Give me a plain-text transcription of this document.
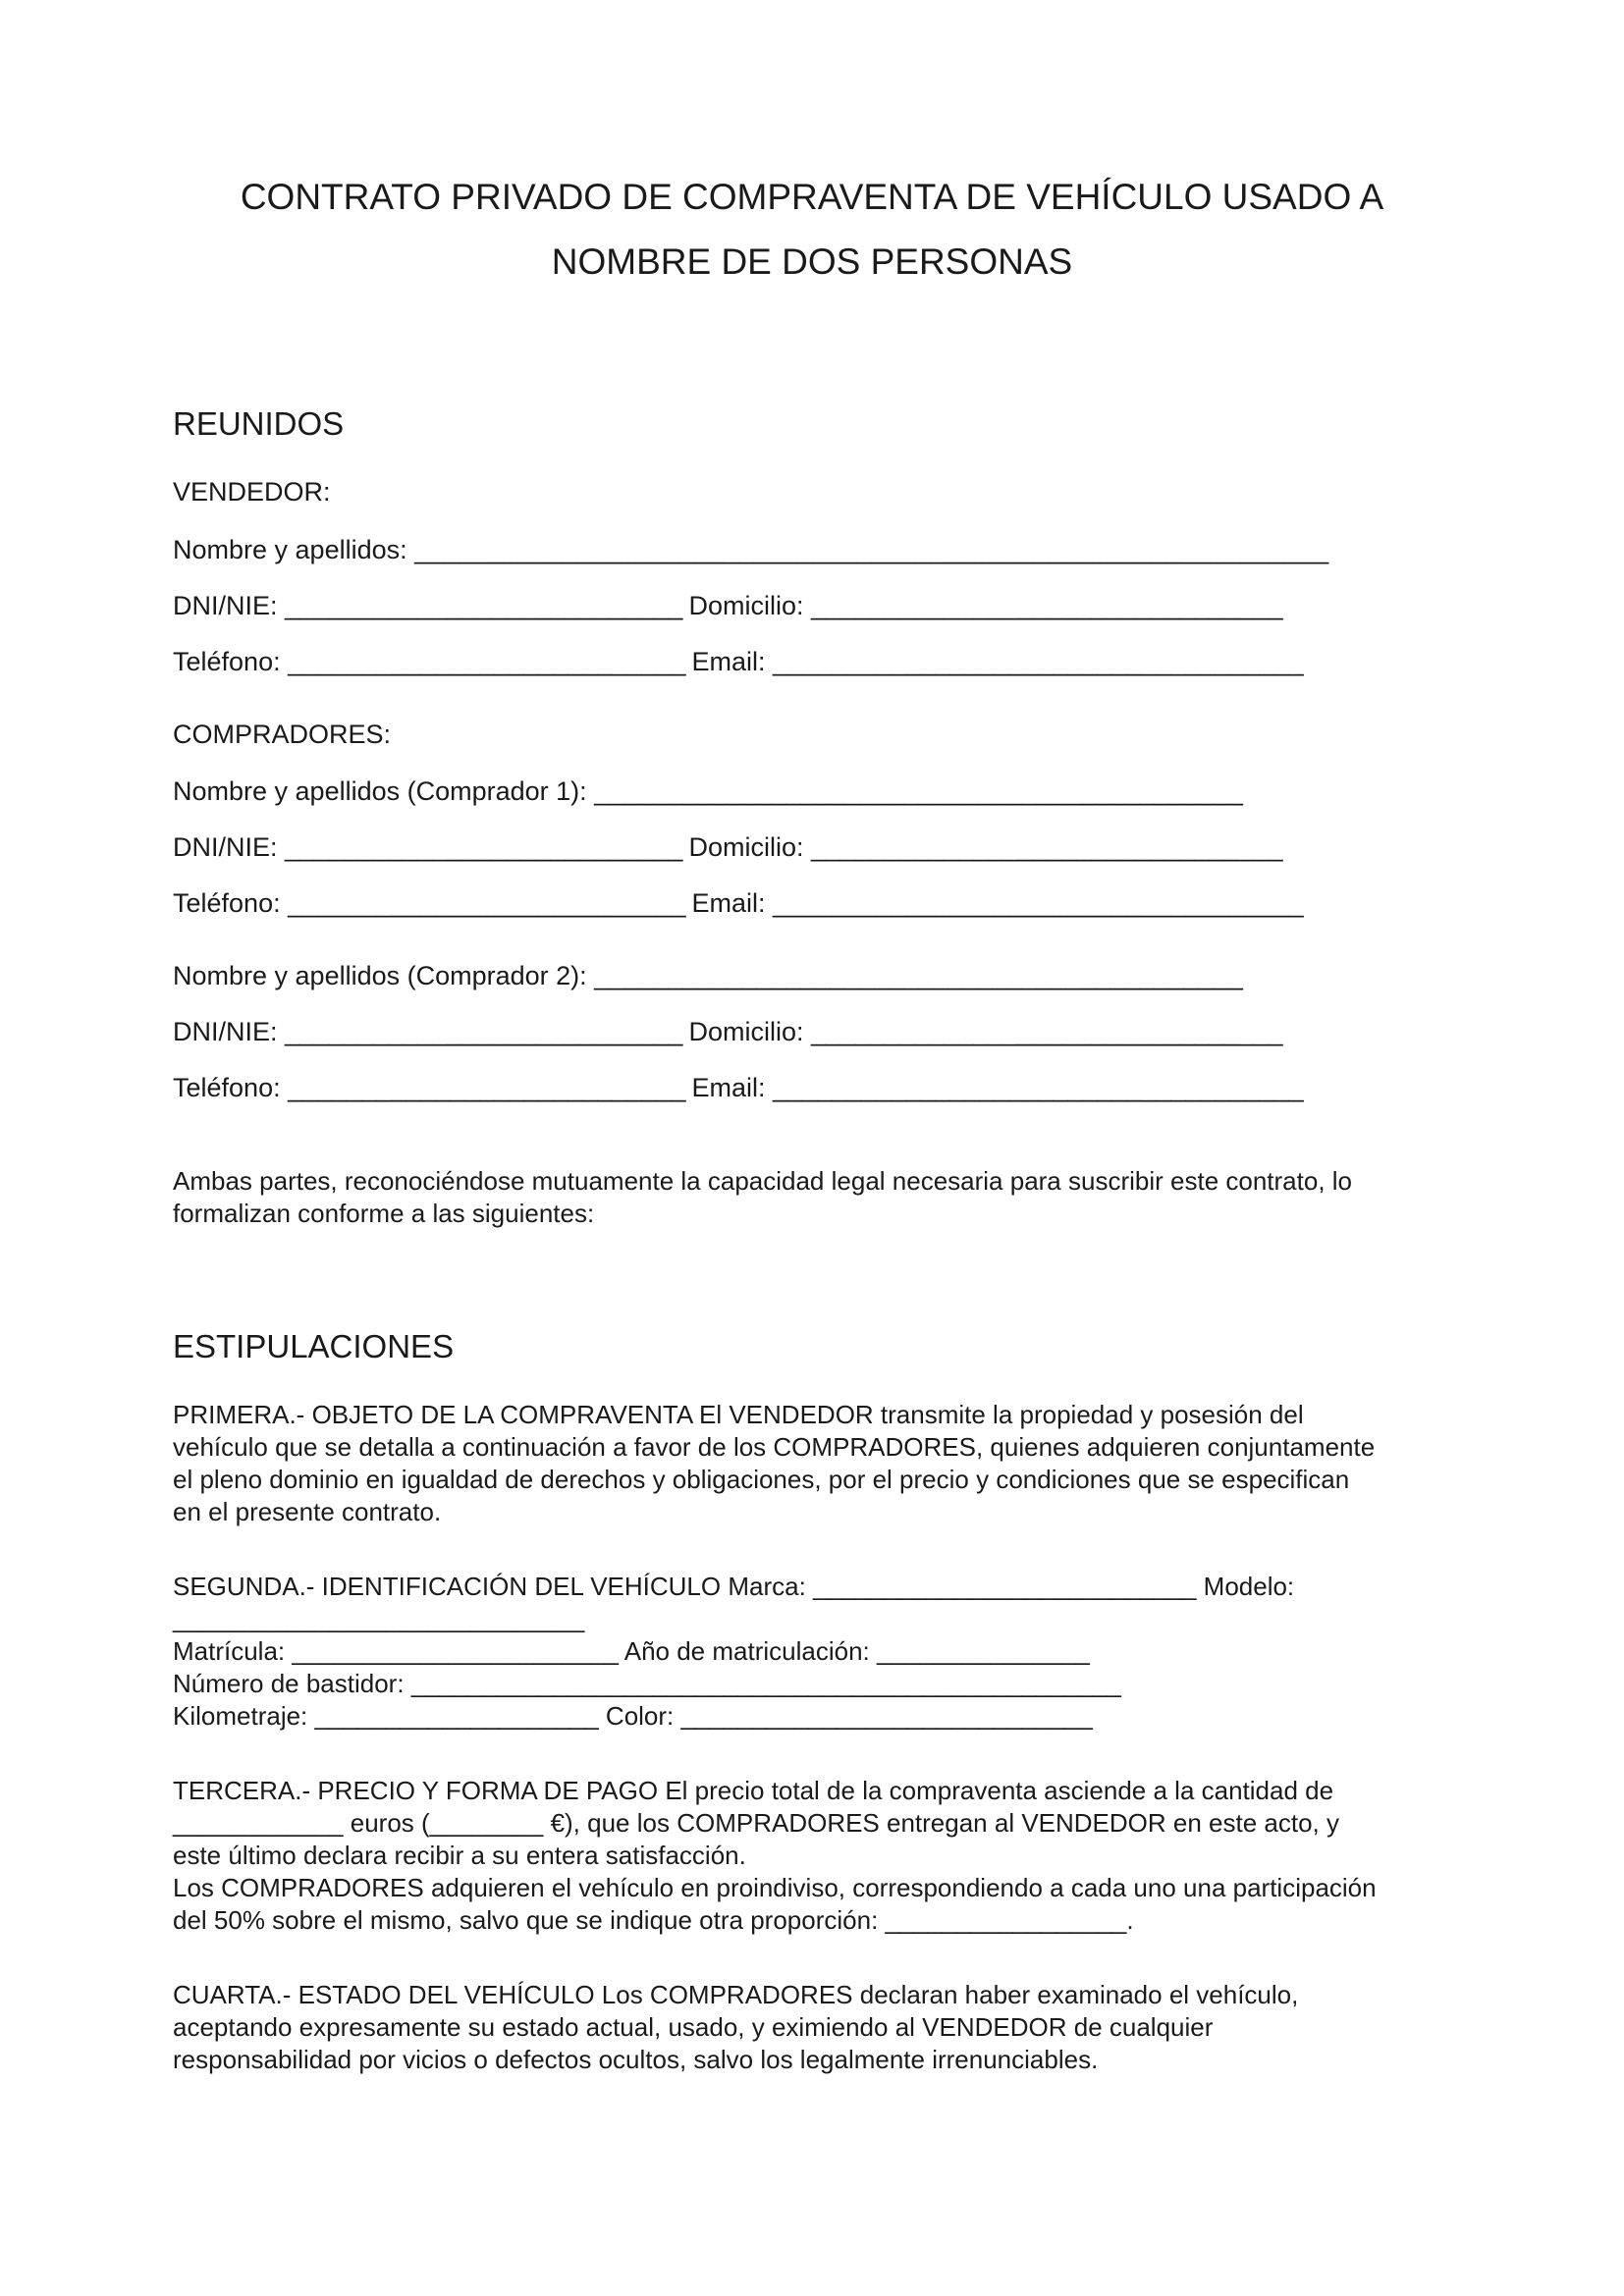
CONTRATO PRIVADO DE COMPRAVENTA DE VEHÍCULO USADO A
NOMBRE DE DOS PERSONAS
REUNIDOS
VENDEDOR:
Nombre y apellidos: ______________________________________________________________
DNI/NIE: ___________________________ Domicilio: ________________________________
Teléfono: ___________________________ Email: ____________________________________
COMPRADORES:
Nombre y apellidos (Comprador 1): ____________________________________________
DNI/NIE: ___________________________ Domicilio: ________________________________
Teléfono: ___________________________ Email: ____________________________________
Nombre y apellidos (Comprador 2): ____________________________________________
DNI/NIE: ___________________________ Domicilio: ________________________________
Teléfono: ___________________________ Email: ____________________________________

Ambas partes, reconociéndose mutuamente la capacidad legal necesaria para suscribir este contrato, lo
formalizan conforme a las siguientes:

ESTIPULACIONES

PRIMERA.- OBJETO DE LA COMPRAVENTA El VENDEDOR transmite la propiedad y posesión del
vehículo que se detalla a continuación a favor de los COMPRADORES, quienes adquieren conjuntamente
el pleno dominio en igualdad de derechos y obligaciones, por el precio y condiciones que se especifican
en el presente contrato.

SEGUNDA.- IDENTIFICACIÓN DEL VEHÍCULO Marca: ___________________________ Modelo:
_____________________________
Matrícula: _______________________ Año de matriculación: _______________
Número de bastidor: __________________________________________________
Kilometraje: ____________________ Color: _____________________________

TERCERA.- PRECIO Y FORMA DE PAGO El precio total de la compraventa asciende a la cantidad de
____________ euros (________ €), que los COMPRADORES entregan al VENDEDOR en este acto, y
este último declara recibir a su entera satisfacción.
Los COMPRADORES adquieren el vehículo en proindiviso, correspondiendo a cada uno una participación
del 50% sobre el mismo, salvo que se indique otra proporción: _________________.

CUARTA.- ESTADO DEL VEHÍCULO Los COMPRADORES declaran haber examinado el vehículo,
aceptando expresamente su estado actual, usado, y eximiendo al VENDEDOR de cualquier
responsabilidad por vicios o defectos ocultos, salvo los legalmente irrenunciables.
